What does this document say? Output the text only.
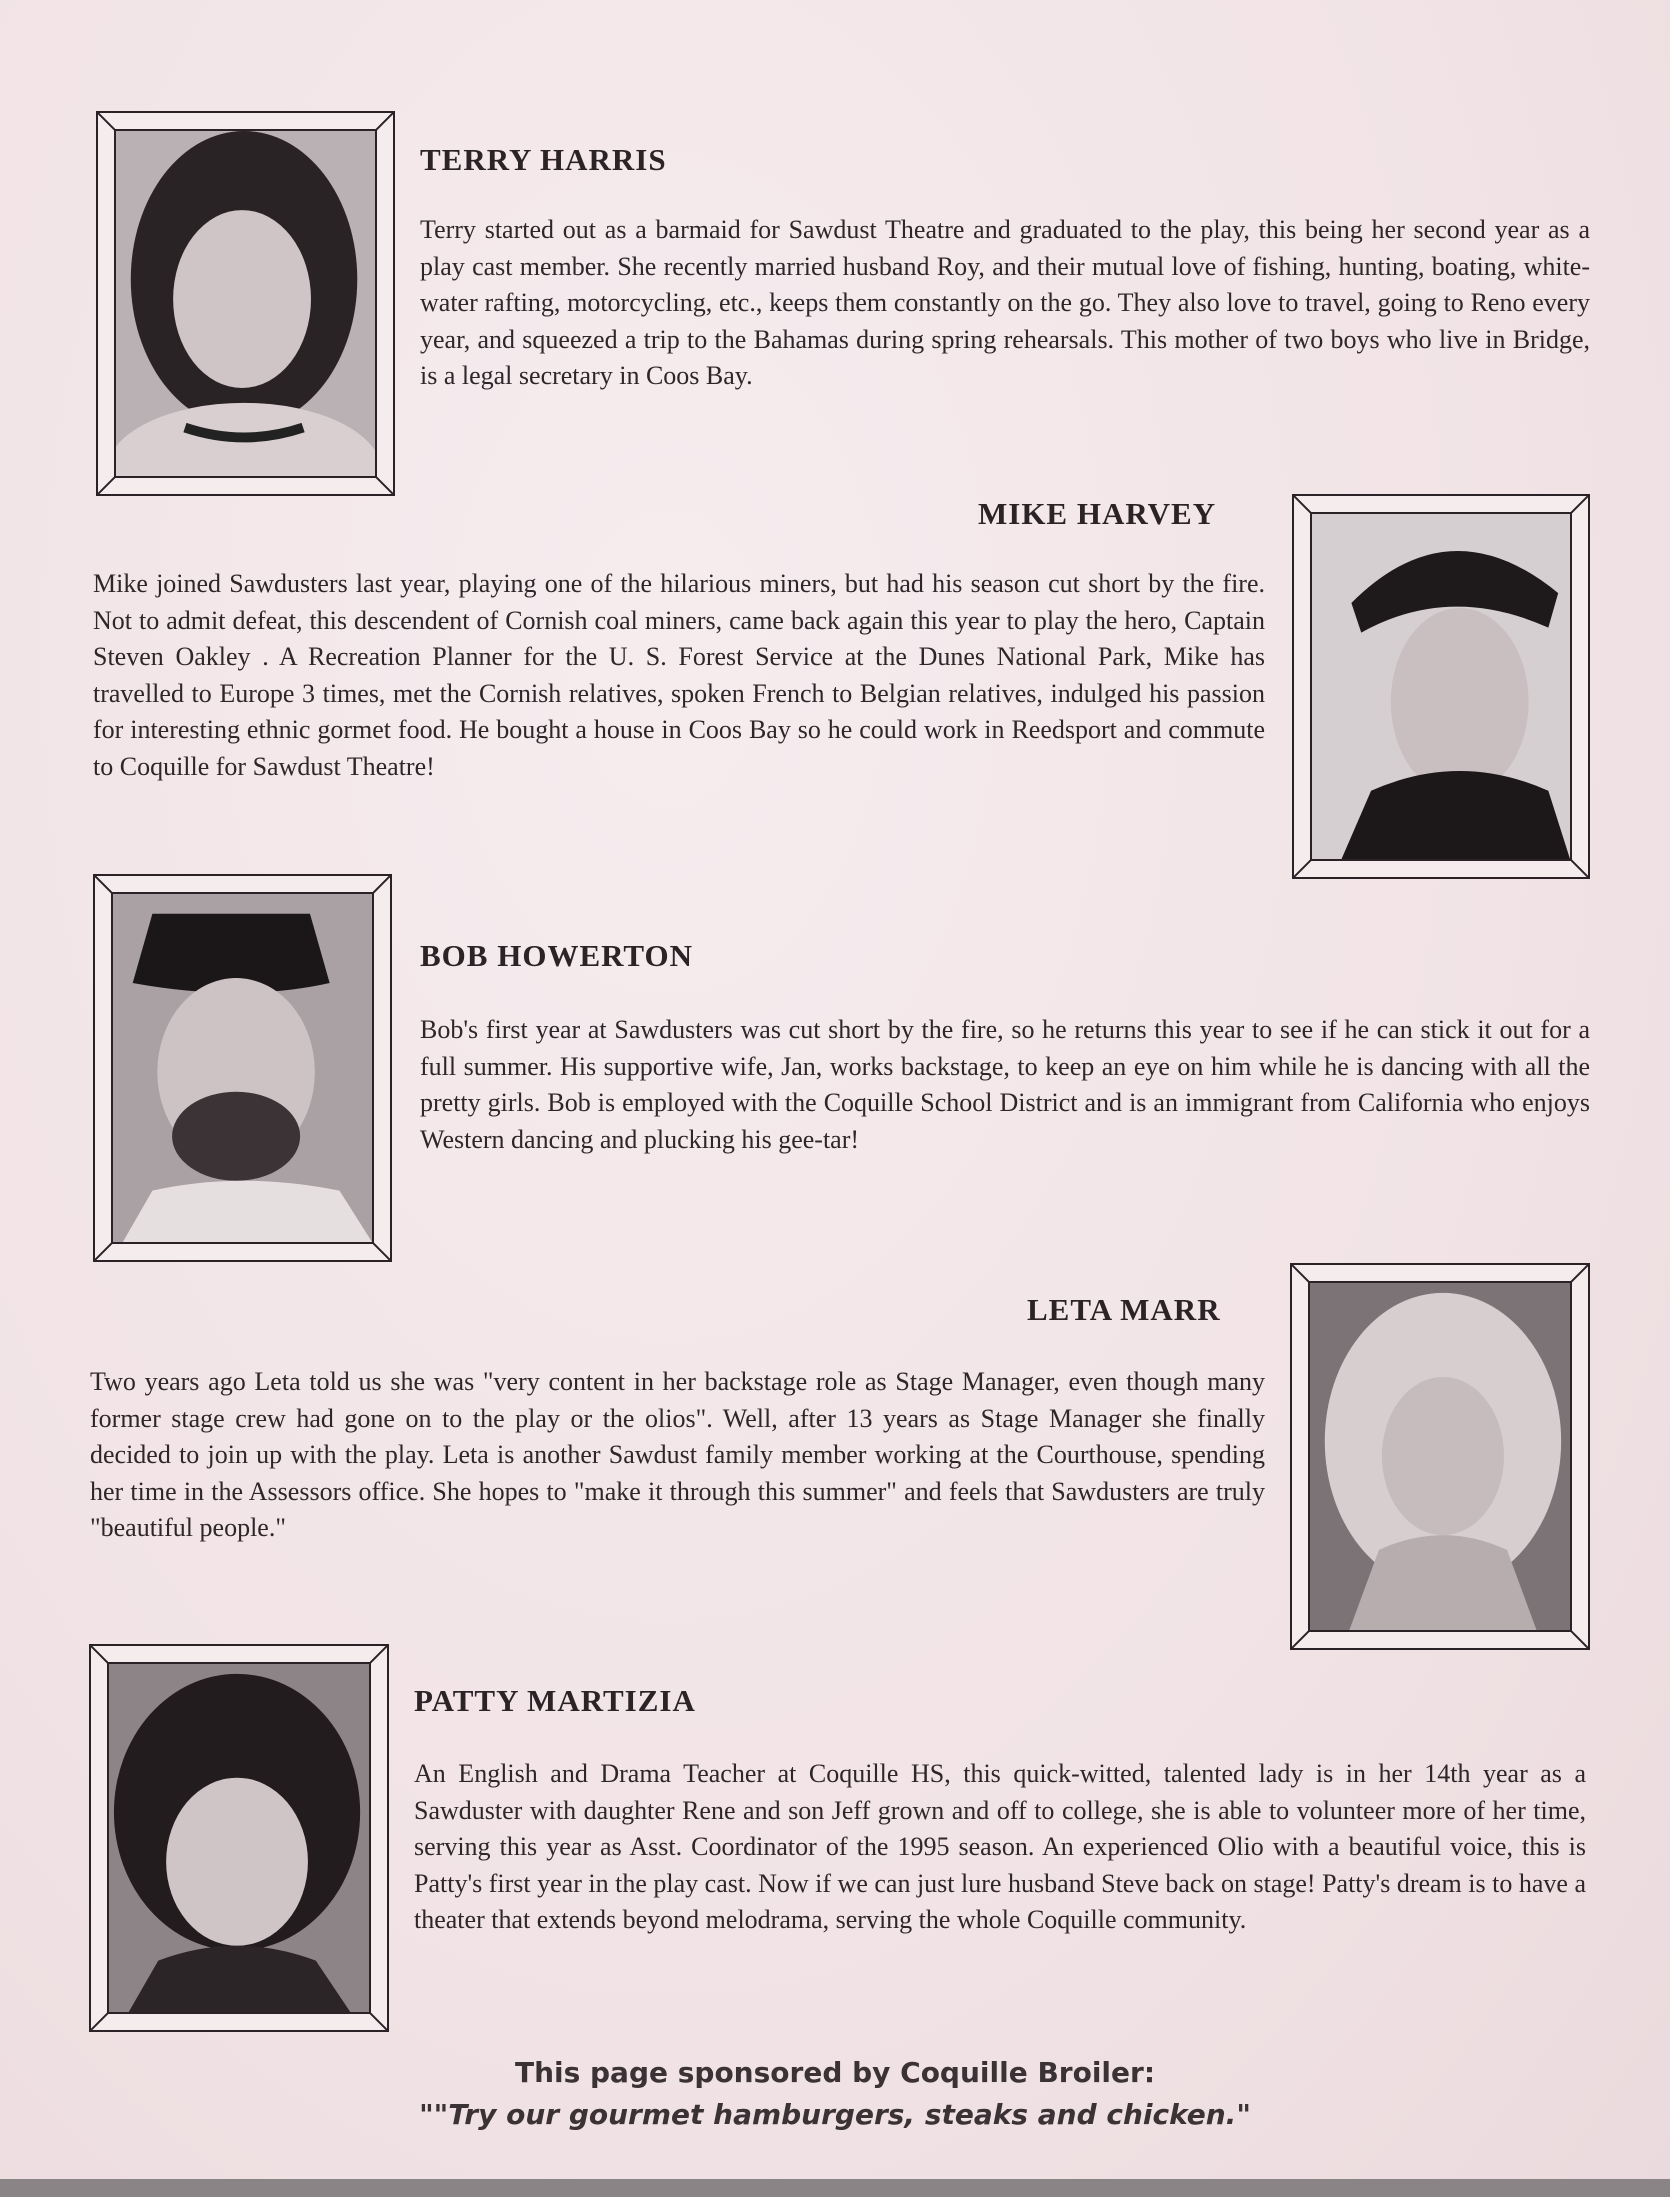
TERRY HARRIS

Terry started out as a barmaid for Sawdust Theatre and graduated to the play, this being her second year as a play cast member. She recently married husband Roy, and their mutual love of fishing, hunting, boating, white-water rafting, motorcycling, etc., keeps them constantly on the go. They also love to travel, going to Reno every year, and squeezed a trip to the Bahamas during spring rehearsals. This mother of two boys who live in Bridge, is a legal secretary in Coos Bay.

MIKE HARVEY

Mike joined Sawdusters last year, playing one of the hilarious miners, but had his season cut short by the fire. Not to admit defeat, this descendent of Cornish coal miners, came back again this year to play the hero, Captain Steven Oakley . A Recreation Planner for the U. S. Forest Service at the Dunes National Park, Mike has travelled to Europe 3 times, met the Cornish relatives, spoken French to Belgian relatives, indulged his passion for interesting ethnic gormet food. He bought a house in Coos Bay so he could work in Reedsport and commute to Coquille for Sawdust Theatre!

BOB HOWERTON

Bob's first year at Sawdusters was cut short by the fire, so he returns this year to see if he can stick it out for a full summer. His supportive wife, Jan, works backstage, to keep an eye on him while he is dancing with all the pretty girls. Bob is employed with the Coquille School District and is an immigrant from California who enjoys Western dancing and plucking his gee-tar!

LETA MARR

Two years ago Leta told us she was "very content in her backstage role as Stage Manager, even though many former stage crew had gone on to the play or the olios". Well, after 13 years as Stage Manager she finally decided to join up with the play. Leta is another Sawdust family member working at the Courthouse, spending her time in the Assessors office. She hopes to "make it through this summer" and feels that Sawdusters are truly "beautiful people."

PATTY MARTIZIA

An English and Drama Teacher at Coquille HS, this quick-witted, talented lady is in her 14th year as a Sawduster with daughter Rene and son Jeff grown and off to college, she is able to volunteer more of her time, serving this year as Asst. Coordinator of the 1995 season. An experienced Olio with a beautiful voice, this is Patty's first year in the play cast. Now if we can just lure husband Steve back on stage! Patty's dream is to have a theater that extends beyond melodrama, serving the whole Coquille community.

This page sponsored by Coquille Broiler:

""Try our gourmet hamburgers, steaks and chicken."
